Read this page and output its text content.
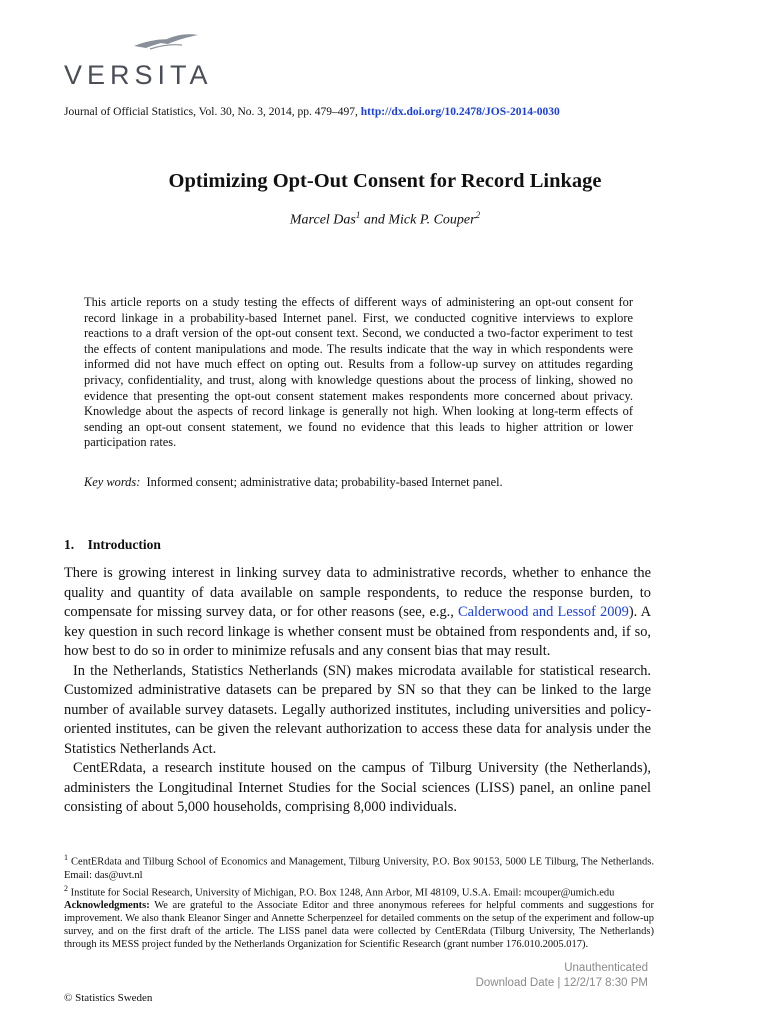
VERSITA
Journal of Official Statistics, Vol. 30, No. 3, 2014, pp. 479–497, http://dx.doi.org/10.2478/JOS-2014-0030
Optimizing Opt-Out Consent for Record Linkage
Marcel Das$^1$ and Mick P. Couper$^2$
This article reports on a study testing the effects of different ways of administering an opt-out consent for record linkage in a probability-based Internet panel. First, we conducted cognitive interviews to explore reactions to a draft version of the opt-out consent text. Second, we conducted a two-factor experiment to test the effects of content manipulations and mode. The results indicate that the way in which respondents were informed did not have much effect on opting out. Results from a follow-up survey on attitudes regarding privacy, confidentiality, and trust, along with knowledge questions about the process of linking, showed no evidence that presenting the opt-out consent statement makes respondents more concerned about privacy. Knowledge about the aspects of record linkage is generally not high. When looking at long-term effects of sending an opt-out consent statement, we found no evidence that this leads to higher attrition or lower participation rates.
Key words: Informed consent; administrative data; probability-based Internet panel.
1. Introduction

There is growing interest in linking survey data to administrative records, whether to enhance the quality and quantity of data available on sample respondents, to reduce the response burden, to compensate for missing survey data, or for other reasons (see, e.g., Calderwood and Lessof 2009). A key question in such record linkage is whether consent must be obtained from respondents and, if so, how best to do so in order to minimize refusals and any consent bias that may result.

In the Netherlands, Statistics Netherlands (SN) makes microdata available for statistical research. Customized administrative datasets can be prepared by SN so that they can be linked to the large number of available survey datasets. Legally authorized institutes, including universities and policy-oriented institutes, can be given the relevant authorization to access these data for analysis under the Statistics Netherlands Act.

CentERdata, a research institute housed on the campus of Tilburg University (the Netherlands), administers the Longitudinal Internet Studies for the Social sciences (LISS) panel, an online panel consisting of about 5,000 households, comprising 8,000 individuals.

$^1$ CentERdata and Tilburg School of Economics and Management, Tilburg University, P.O. Box 90153, 5000 LE Tilburg, The Netherlands. Email: das@uvt.nl

$^2$ Institute for Social Research, University of Michigan, P.O. Box 1248, Ann Arbor, MI 48109, U.S.A. Email: mcouper@umich.edu

Acknowledgments: We are grateful to the Associate Editor and three anonymous referees for helpful comments and suggestions for improvement. We also thank Eleanor Singer and Annette Scherpenzeel for detailed comments on the setup of the experiment and follow-up survey, and on the first draft of the article. The LISS panel data were collected by CentERdata (Tilburg University, The Netherlands) through its MESS project funded by the Netherlands Organization for Scientific Research (grant number 176.010.2005.017).

© Statistics Sweden
Unauthenticated
Download Date | 12/2/17 8:30 PM
